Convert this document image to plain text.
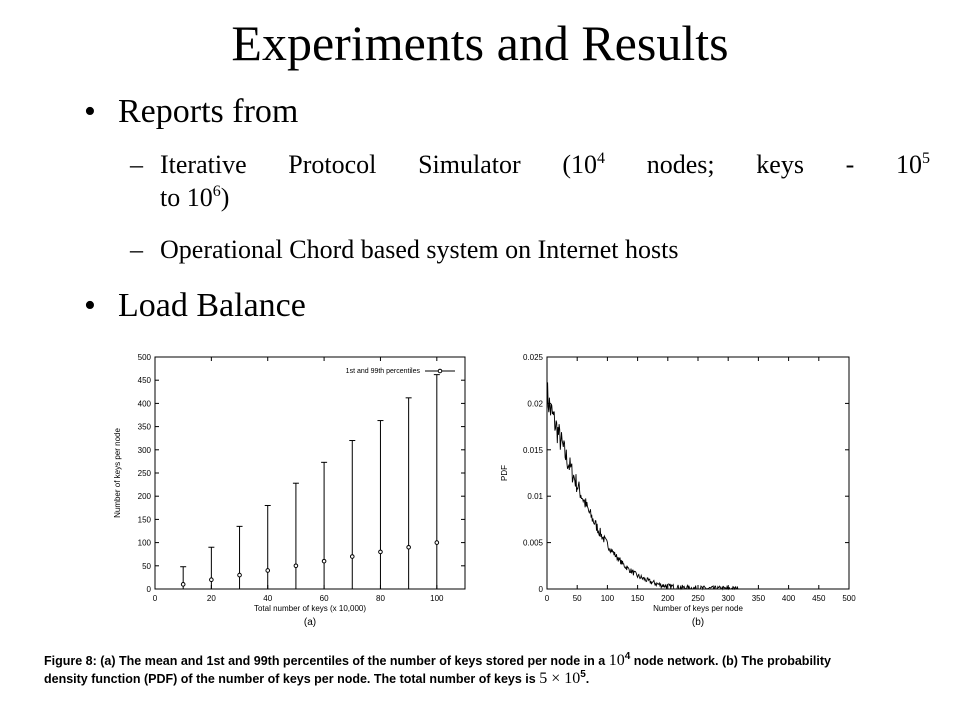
Experiments and Results
• Reports from
– Iterative Protocol Simulator ($10^4$ nodes; keys - $10^5$
to $10^6$)
– Operational Chord based system on Internet hosts
• Load Balance
0	20	40	60	80	100
0
50
100
150
200
250
300
350
400
450
500
Total number of keys (x 10,000)
Number of keys per node
(a)
1st and 99th percentiles
0	50 100 150 200 250 300 350 400 450 500
0
0.005
0.01
0.015
0.02
0.025
Number of keys per node
PDF
(b)
Figure 8: (a) The mean and 1st and 99th percentiles of the number of keys stored per node in a $10^4$ node network. (b) The probability
density function (PDF) of the number of keys per node. The total number of keys is $5 \times 10^5$.
